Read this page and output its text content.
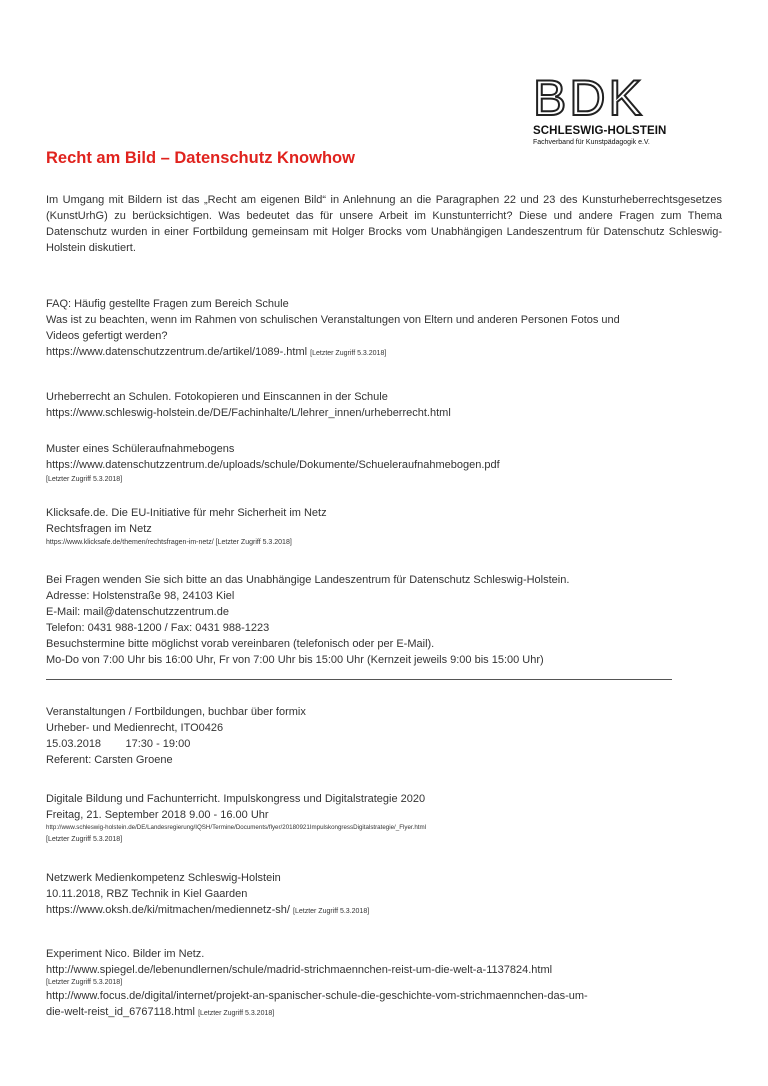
B D K
SCHLESWIG-HOLSTEIN
Fachverband für Kunstpädagogik e.V.
Recht am Bild – Datenschutz Knowhow
Im Umgang mit Bildern ist das „Recht am eigenen Bild“ in Anlehnung an die Paragraphen 22 und 23 des Kunsturheberrechtsgesetzes (KunstUrhG) zu berücksichtigen. Was bedeutet das für unsere Arbeit im Kunstunterricht? Diese und andere Fragen zum Thema Datenschutz wurden in einer Fortbildung gemeinsam mit Holger Brocks vom Unabhängigen Landeszentrum für Datenschutz Schleswig-Holstein diskutiert.
FAQ: Häufig gestellte Fragen zum Bereich Schule
Was ist zu beachten, wenn im Rahmen von schulischen Veranstaltungen von Eltern und anderen Personen Fotos und
Videos gefertigt werden?
https://www.datenschutzzentrum.de/artikel/1089-.html [Letzter Zugriff 5.3.2018]
Urheberrecht an Schulen. Fotokopieren und Einscannen in der Schule
https://www.schleswig-holstein.de/DE/Fachinhalte/L/lehrer_innen/urheberrecht.html
Muster eines Schüleraufnahmebogens
https://www.datenschutzzentrum.de/uploads/schule/Dokumente/Schueleraufnahmebogen.pdf
[Letzter Zugriff 5.3.2018]
Klicksafe.de. Die EU-Initiative für mehr Sicherheit im Netz
Rechtsfragen im Netz
https://www.klicksafe.de/themen/rechtsfragen-im-netz/ [Letzter Zugriff 5.3.2018]
Bei Fragen wenden Sie sich bitte an das Unabhängige Landeszentrum für Datenschutz Schleswig-Holstein.
Adresse: Holstenstraße 98, 24103 Kiel
E-Mail: mail@datenschutzzentrum.de
Telefon: 0431 988-1200 / Fax: 0431 988-1223
Besuchstermine bitte möglichst vorab vereinbaren (telefonisch oder per E-Mail).
Mo-Do von 7:00 Uhr bis 16:00 Uhr, Fr von 7:00 Uhr bis 15:00 Uhr (Kernzeit jeweils 9:00 bis 15:00 Uhr)
Veranstaltungen / Fortbildungen, buchbar über formix
Urheber- und Medienrecht, ITO0426
15.03.2018        17:30 - 19:00
Referent: Carsten Groene
Digitale Bildung und Fachunterricht. Impulskongress und Digitalstrategie 2020
Freitag, 21. September 2018 9.00 - 16.00 Uhr
http://www.schleswig-holstein.de/DE/Landesregierung/IQSH/Termine/Documents/flyer/20180921ImpulskongressDigitalstrategie/_Flyer.html
[Letzter Zugriff 5.3.2018]
Netzwerk Medienkompetenz Schleswig-Holstein
10.11.2018, RBZ Technik in Kiel Gaarden
https://www.oksh.de/ki/mitmachen/mediennetz-sh/ [Letzter Zugriff 5.3.2018]
Experiment Nico. Bilder im Netz.
http://www.spiegel.de/lebenundlernen/schule/madrid-strichmaennchen-reist-um-die-welt-a-1137824.html
[Letzter Zugriff 5.3.2018]
http://www.focus.de/digital/internet/projekt-an-spanischer-schule-die-geschichte-vom-strichmaennchen-das-um-
die-welt-reist_id_6767118.html [Letzter Zugriff 5.3.2018]
